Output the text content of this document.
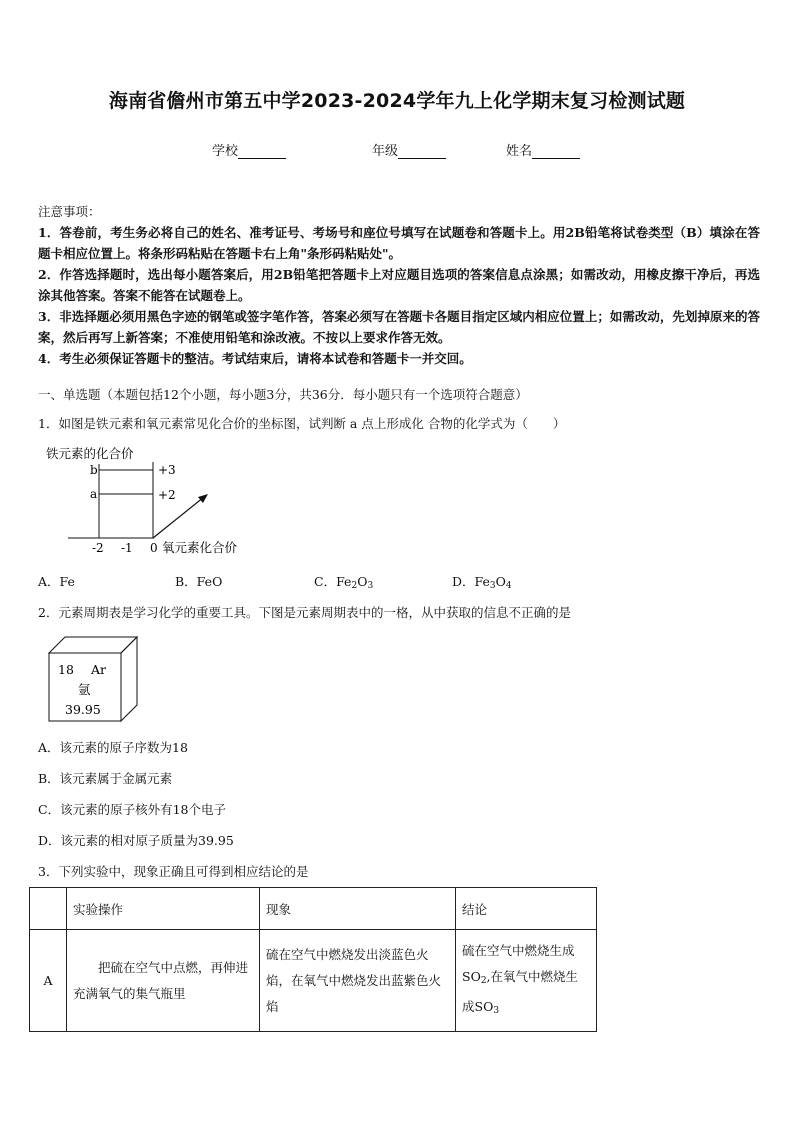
海南省儋州市第五中学2023-2024学年九上化学期末复习检测试题
学校	年级	姓名

注意事项：

1．答卷前，考生务必将自己的姓名、准考证号、考场号和座位号填写在试题卷和答题卡上。用2B铅笔将试卷类型（B）填涂在答题卡相应位置上。将条形码粘贴在答题卡右上角"条形码粘贴处"。

2．作答选择题时，选出每小题答案后，用2B铅笔把答题卡上对应题目选项的答案信息点涂黑；如需改动，用橡皮擦干净后，再选涂其他答案。答案不能答在试题卷上。

3．非选择题必须用黑色字迹的钢笔或签字笔作答，答案必须写在答题卡各题目指定区域内相应位置上；如需改动，先划掉原来的答案，然后再写上新答案；不准使用铅笔和涂改液。不按以上要求作答无效。

4．考生必须保证答题卡的整洁。考试结束后，请将本试卷和答题卡一并交回。

一、单选题（本题包括12个小题，每小题3分，共36分．每小题只有一个选项符合题意）
1．如图是铁元素和氧元素常见化合价的坐标图，试判断 a 点上形成化 合物的化学式为（　　）
铁元素的化合价
b
a
+3
+2
-2 -1 0 氧元素化合价
A．Fe	B．FeO	C．$Fe_2O_3$	D．$Fe_3O_4$
2．元素周期表是学习化学的重要工具。下图是元素周期表中的一格，从中获取的信息不正确的是
18 Ar
氩
39.95
A．该元素的原子序数为18
B．该元素属于金属元素
C．该元素的原子核外有18个电子
D．该元素的相对原子质量为39.95
3．下列实验中，现象正确且可得到相应结论的是
	实验操作	现象	结论
A	把硫在空气中点燃，再伸进充满氧气的集气瓶里	硫在空气中燃烧发出淡蓝色火焰，在氧气中燃烧发出蓝紫色火焰	硫在空气中燃烧生成$SO_2$,在氧气中燃烧生成$SO_3$
